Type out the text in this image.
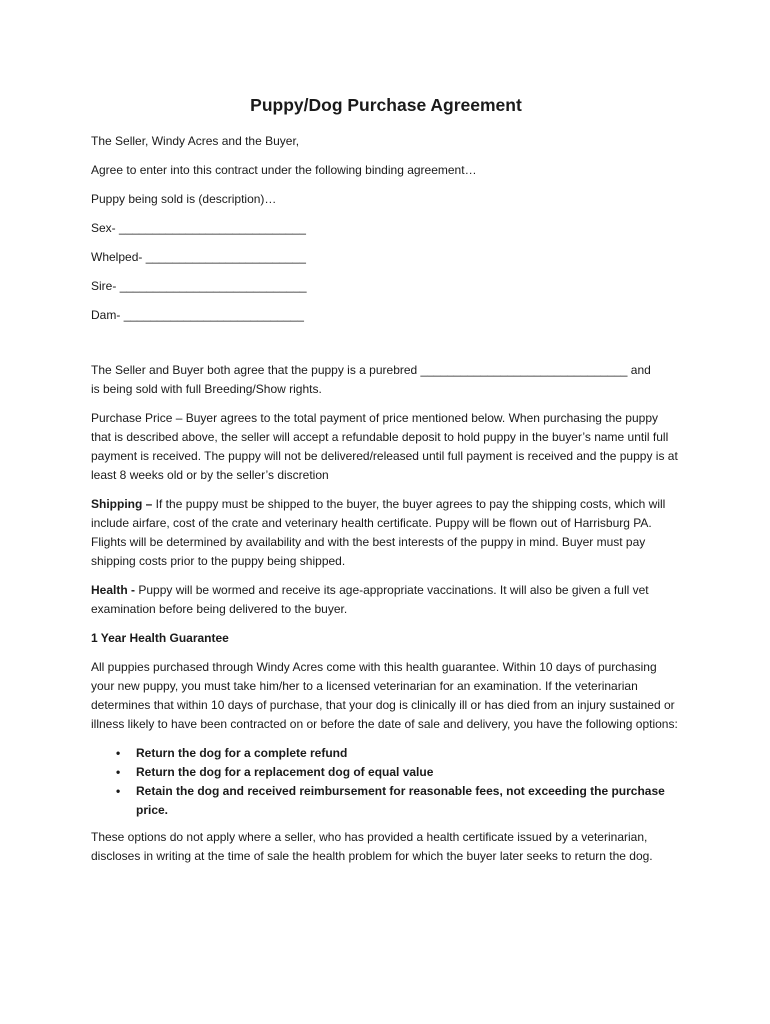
Puppy/Dog Purchase Agreement

The Seller, Windy Acres and the Buyer,

Agree to enter into this contract under the following binding agreement…

Puppy being sold is (description)…

Sex- ____________________________

Whelped- ________________________

Sire- ____________________________

Dam- ___________________________

The Seller and Buyer both agree that the puppy is a purebred _______________________________ and
is being sold with full Breeding/Show rights.

Purchase Price – Buyer agrees to the total payment of price mentioned below. When purchasing the puppy that is described above, the seller will accept a refundable deposit to hold puppy in the buyer’s name until full payment is received. The puppy will not be delivered/released until full payment is received and the puppy is at least 8 weeks old or by the seller’s discretion

Shipping – If the puppy must be shipped to the buyer, the buyer agrees to pay the shipping costs, which will include airfare, cost of the crate and veterinary health certificate. Puppy will be flown out of Harrisburg PA. Flights will be determined by availability and with the best interests of the puppy in mind. Buyer must pay shipping costs prior to the puppy being shipped.

Health - Puppy will be wormed and receive its age-appropriate vaccinations. It will also be given a full vet examination before being delivered to the buyer.

1 Year Health Guarantee

All puppies purchased through Windy Acres come with this health guarantee. Within 10 days of purchasing your new puppy, you must take him/her to a licensed veterinarian for an examination. If the veterinarian determines that within 10 days of purchase, that your dog is clinically ill or has died from an injury sustained or illness likely to have been contracted on or before the date of sale and delivery, you have the following options:

• Return the dog for a complete refund
• Return the dog for a replacement dog of equal value
• Retain the dog and received reimbursement for reasonable fees, not exceeding the purchase price.

These options do not apply where a seller, who has provided a health certificate issued by a veterinarian, discloses in writing at the time of sale the health problem for which the buyer later seeks to return the dog.
